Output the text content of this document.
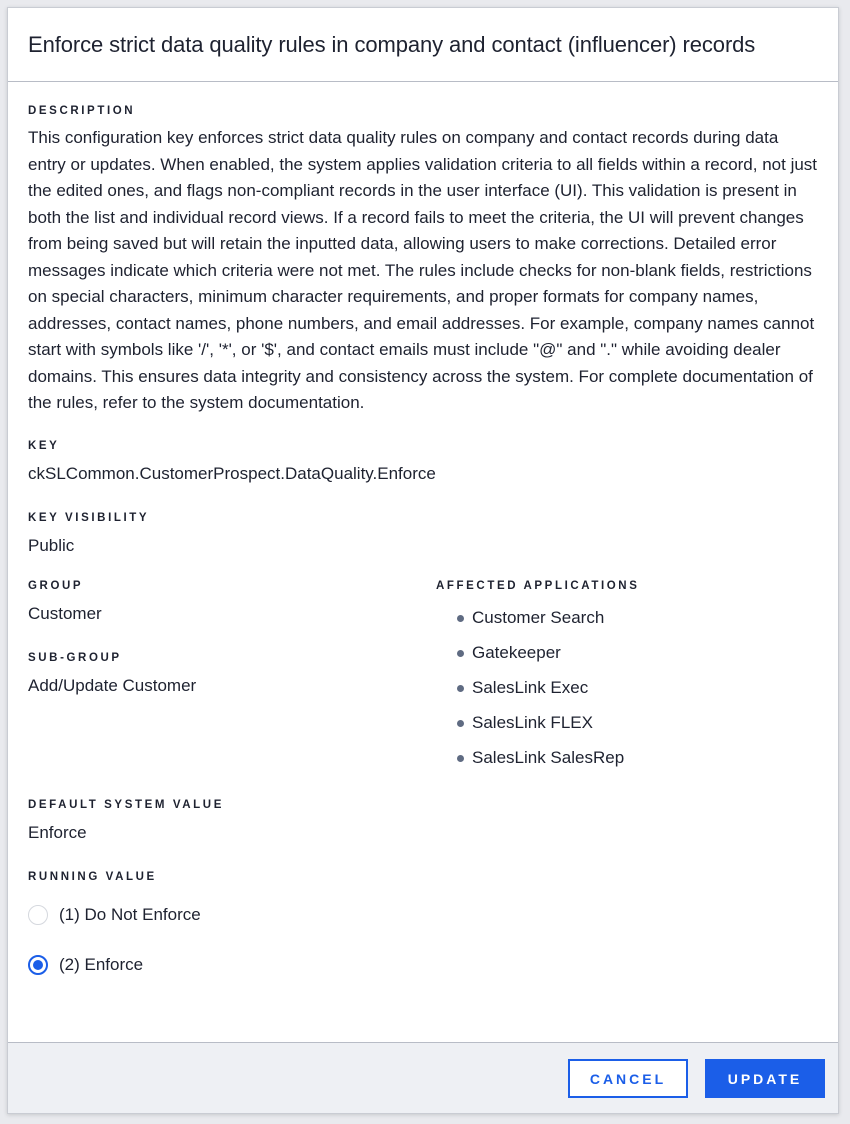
Enforce strict data quality rules in company and contact (influencer) records
DESCRIPTION
This configuration key enforces strict data quality rules on company and contact records during data entry or updates. When enabled, the system applies validation criteria to all fields within a record, not just the edited ones, and flags non-compliant records in the user interface (UI). This validation is present in both the list and individual record views. If a record fails to meet the criteria, the UI will prevent changes from being saved but will retain the inputted data, allowing users to make corrections. Detailed error messages indicate which criteria were not met. The rules include checks for non-blank fields, restrictions on special characters, minimum character requirements, and proper formats for company names, addresses, contact names, phone numbers, and email addresses. For example, company names cannot start with symbols like '/', '*', or '$', and contact emails must include "@" and "." while avoiding dealer domains. This ensures data integrity and consistency across the system. For complete documentation of the rules, refer to the system documentation.
KEY
ckSLCommon.CustomerProspect.DataQuality.Enforce
KEY VISIBILITY
Public
GROUP
Customer
SUB-GROUP
Add/Update Customer
AFFECTED APPLICATIONS
Customer Search
Gatekeeper
SalesLink Exec
SalesLink FLEX
SalesLink SalesRep
DEFAULT SYSTEM VALUE
Enforce
RUNNING VALUE
(1) Do Not Enforce
(2) Enforce
CANCEL	UPDATE
